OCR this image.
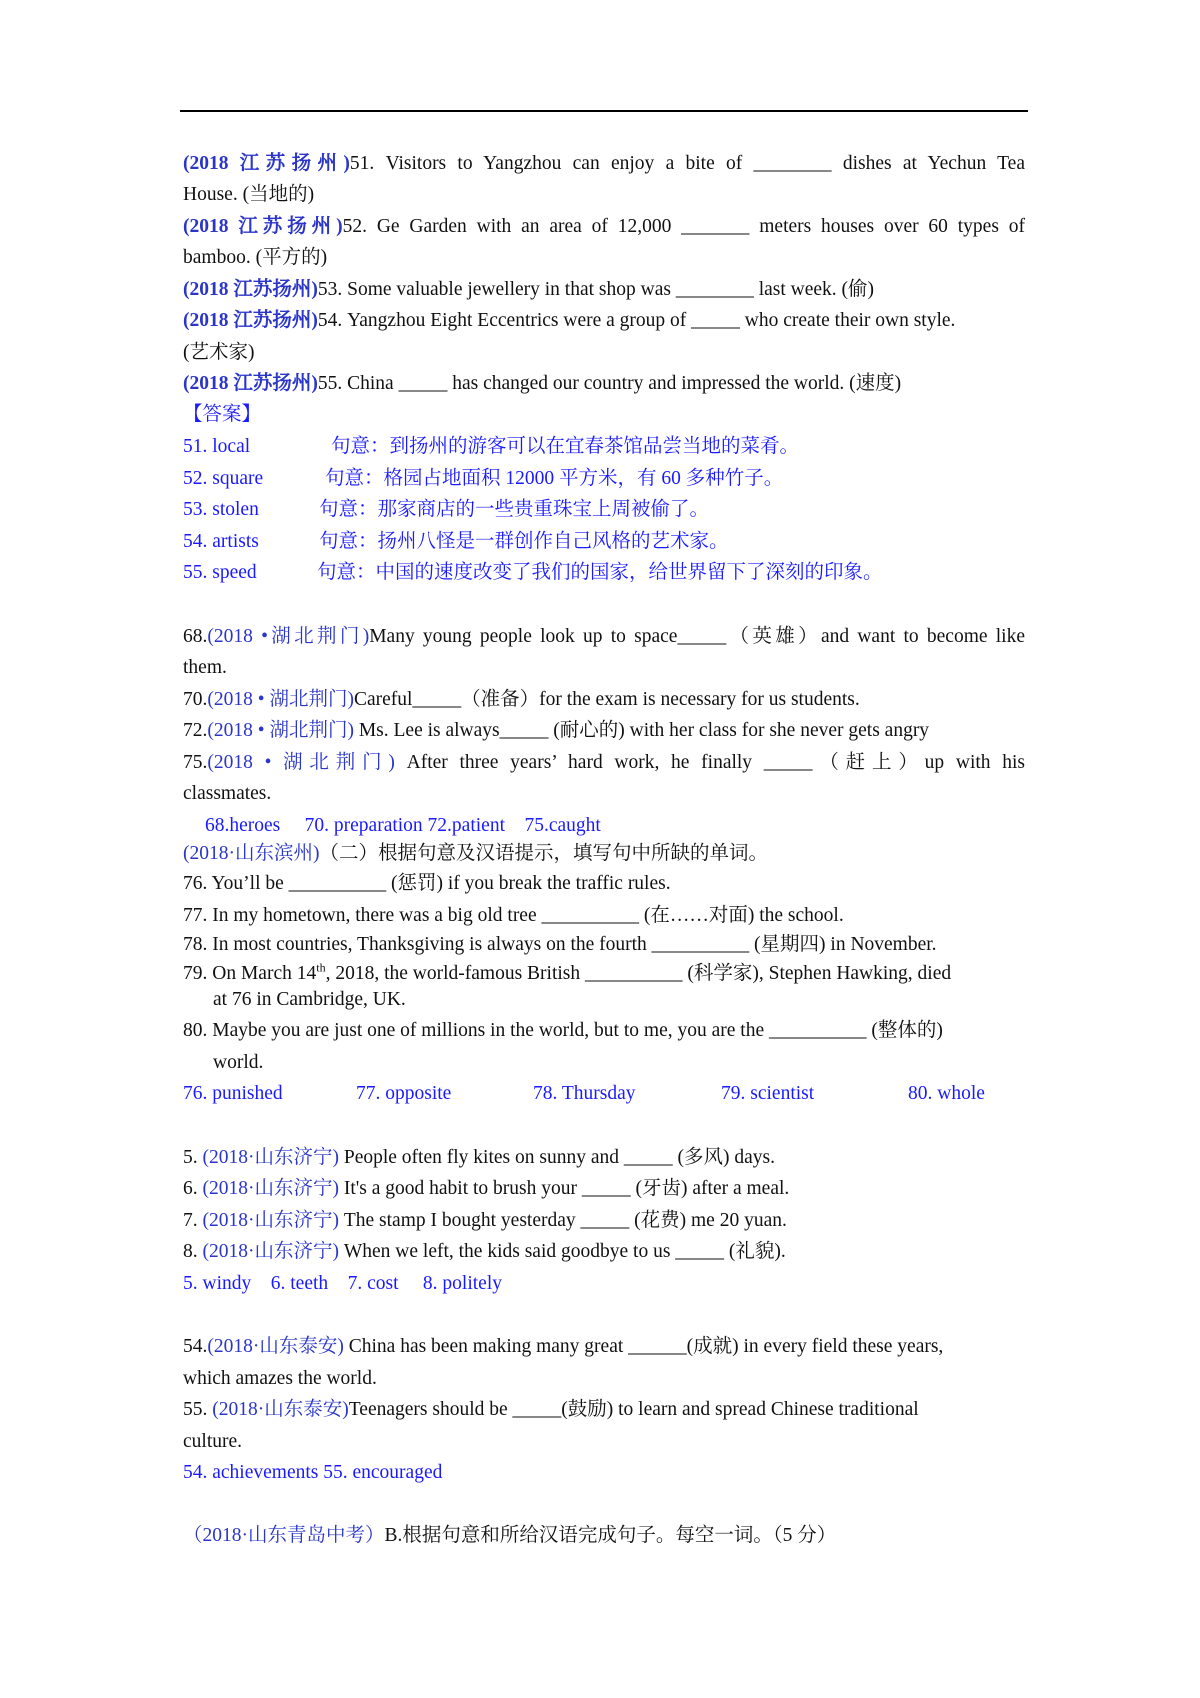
(2018 江苏扬州)51. Visitors to Yangzhou can enjoy a bite of ________ dishes at Yechun Tea
House. (当地的)
(2018 江苏扬州)52. Ge Garden with an area of 12,000 _______ meters houses over 60 types of
bamboo. (平方的)
(2018 江苏扬州)53. Some valuable jewellery in that shop was ________ last week. (偷)
(2018 江苏扬州)54. Yangzhou Eight Eccentrics were a group of _____ who create their own style.
(艺术家)
(2018 江苏扬州)55. China _____ has changed our country and impressed the world. (速度)
【答案】
51. local	句意：到扬州的游客可以在宜春茶馆品尝当地的菜肴。
52. square	句意：格园占地面积 12000 平方米，有 60 多种竹子。
53. stolen	句意：那家商店的一些贵重珠宝上周被偷了。
54. artists	句意：扬州八怪是一群创作自己风格的艺术家。
55. speed	句意：中国的速度改变了我们的国家，给世界留下了深刻的印象。
68.(2018 •湖北荆门)Many young people look up to space_____（英雄）and want to become like
them.
70.(2018 • 湖北荆门)Careful_____（准备）for the exam is necessary for us students.
72.(2018 • 湖北荆门) Ms. Lee is always_____ (耐心的) with her class for she never gets angry
75.(2018 • 湖北荆门) After three years’ hard work, he finally _____（赶上）up with his
classmates.
68.heroes     70. preparation 72.patient    75.caught
(2018·山东滨州)（二）根据句意及汉语提示，填写句中所缺的单词。
76. You’ll be __________ (惩罚) if you break the traffic rules.
77. In my hometown, there was a big old tree __________ (在……对面) the school.
78. In most countries, Thanksgiving is always on the fourth __________ (星期四) in November.
79. On March 14th, 2018, the world-famous British __________ (科学家), Stephen Hawking, died
at 76 in Cambridge, UK.
80. Maybe you are just one of millions in the world, but to me, you are the __________ (整体的)
world.
76. punished	77. opposite	78. Thursday	79. scientist	80. whole
5. (2018·山东济宁) People often fly kites on sunny and _____ (多风) days.
6. (2018·山东济宁) It's a good habit to brush your _____ (牙齿) after a meal.
7. (2018·山东济宁) The stamp I bought yesterday _____ (花费) me 20 yuan.
8. (2018·山东济宁) When we left, the kids said goodbye to us _____ (礼貌).
5. windy    6. teeth    7. cost     8. politely
54.(2018·山东泰安) China has been making many great ______(成就) in every field these years,
which amazes the world.
55. (2018·山东泰安)Teenagers should be _____(鼓励) to learn and spread Chinese traditional
culture.
54. achievements 55. encouraged
（2018·山东青岛中考）B.根据句意和所给汉语完成句子。每空一词。（5 分）
